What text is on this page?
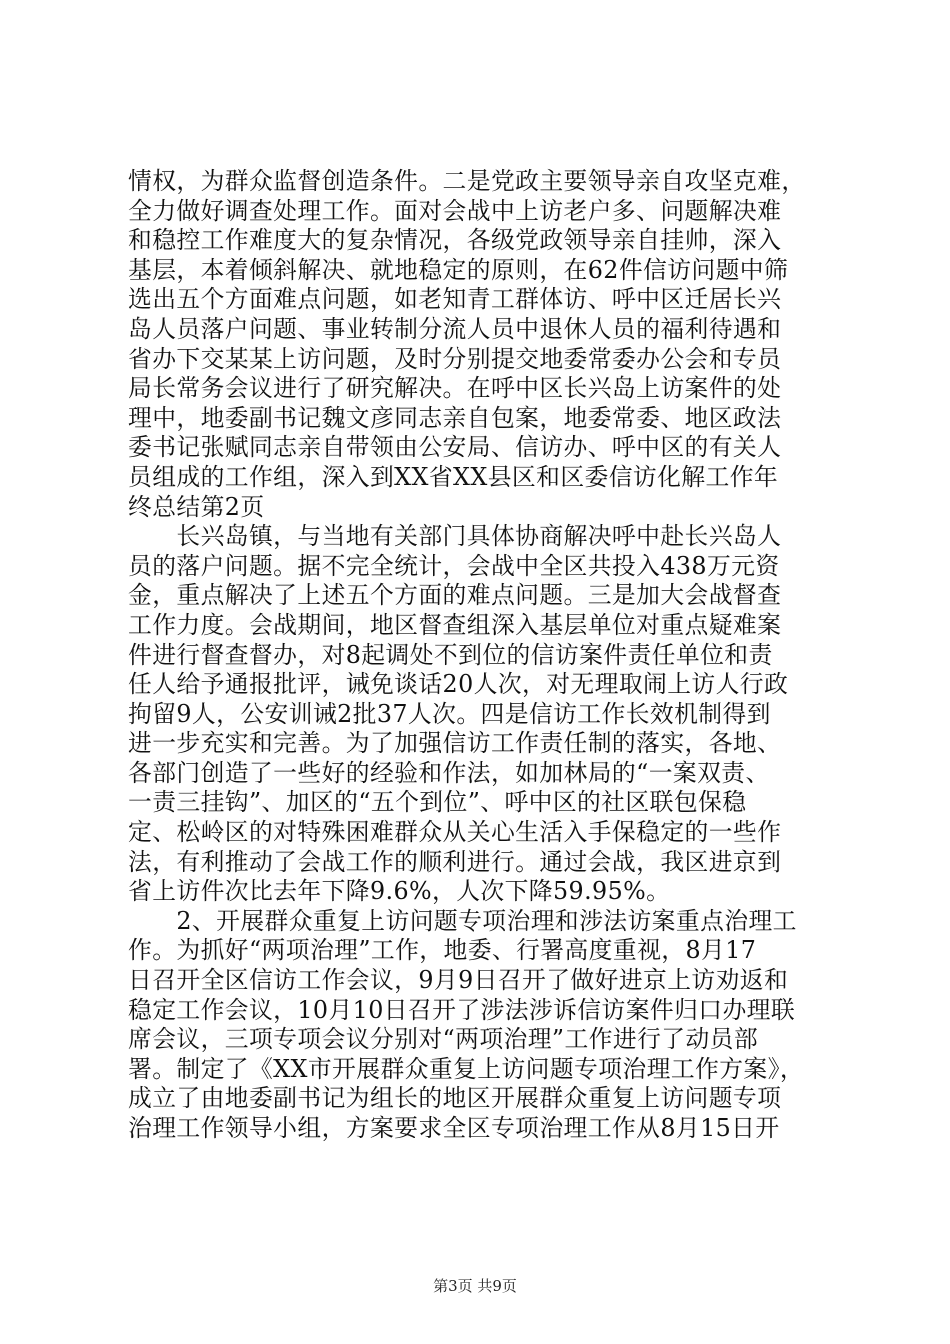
情权，为群众监督创造条件。二是党政主要领导亲自攻坚克难，
全力做好调查处理工作。面对会战中上访老户多、问题解决难
和稳控工作难度大的复杂情况，各级党政领导亲自挂帅，深入
基层，本着倾斜解决、就地稳定的原则，在62件信访问题中筛
选出五个方面难点问题，如老知青工群体访、呼中区迁居长兴
岛人员落户问题、事业转制分流人员中退休人员的福利待遇和
省办下交某某上访问题，及时分别提交地委常委办公会和专员
局长常务会议进行了研究解决。在呼中区长兴岛上访案件的处
理中，地委副书记魏文彦同志亲自包案，地委常委、地区政法
委书记张赋同志亲自带领由公安局、信访办、呼中区的有关人
员组成的工作组，深入到XX省XX县区和区委信访化解工作年
终总结第2页
　　长兴岛镇，与当地有关部门具体协商解决呼中赴长兴岛人
员的落户问题。据不完全统计，会战中全区共投入438万元资
金，重点解决了上述五个方面的难点问题。三是加大会战督查
工作力度。会战期间，地区督查组深入基层单位对重点疑难案
件进行督查督办，对8起调处不到位的信访案件责任单位和责
任人给予通报批评，诫免谈话20人次，对无理取闹上访人行政
拘留9人，公安训诫2批37人次。四是信访工作长效机制得到
进一步充实和完善。为了加强信访工作责任制的落实，各地、
各部门创造了一些好的经验和作法，如加林局的“一案双责、
一责三挂钩”、加区的“五个到位”、呼中区的社区联包保稳
定、松岭区的对特殊困难群众从关心生活入手保稳定的一些作
法，有利推动了会战工作的顺利进行。通过会战，我区进京到
省上访件次比去年下降9.6%，人次下降59.95%。
　　2、开展群众重复上访问题专项治理和涉法访案重点治理工
作。为抓好“两项治理”工作，地委、行署高度重视，8月17
日召开全区信访工作会议，9月9日召开了做好进京上访劝返和
稳定工作会议，10月10日召开了涉法涉诉信访案件归口办理联
席会议，三项专项会议分别对“两项治理”工作进行了动员部
署。制定了《XX市开展群众重复上访问题专项治理工作方案》，
成立了由地委副书记为组长的地区开展群众重复上访问题专项
治理工作领导小组，方案要求全区专项治理工作从8月15日开
第3页 共9页
